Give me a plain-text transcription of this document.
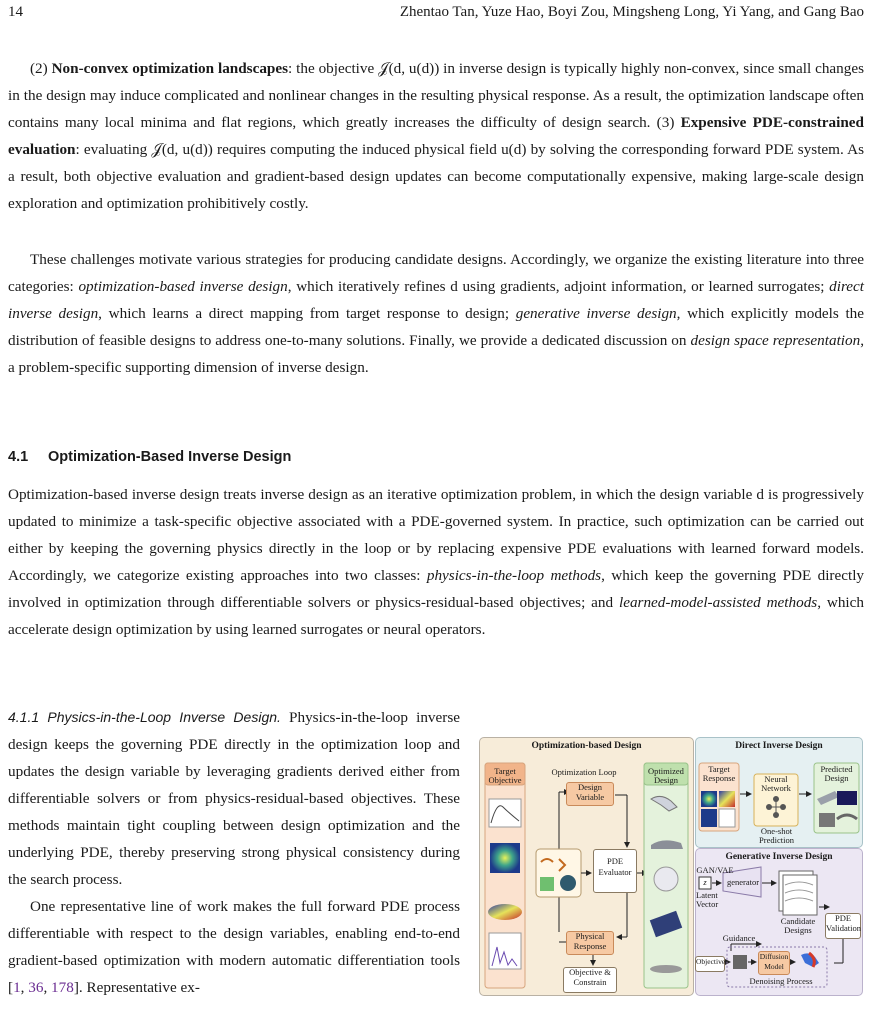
14	Zhentao Tan, Yuze Hao, Boyi Zou, Mingsheng Long, Yi Yang, and Gang Bao

(2) Non-convex optimization landscapes: the objective 𝒥(d, u(d)) in inverse design is typically highly non-convex, since small changes in the design may induce complicated and nonlinear changes in the resulting physical response. As a result, the optimization landscape often contains many local minima and flat regions, which greatly increases the difficulty of design search. (3) Expensive PDE-constrained evaluation: evaluating 𝒥(d, u(d)) requires computing the induced physical field u(d) by solving the corresponding forward PDE system. As a result, both objective evaluation and gradient-based design updates can become computationally expensive, making large-scale design exploration and optimization prohibitively costly.

These challenges motivate various strategies for producing candidate designs. Accordingly, we organize the existing literature into three categories: optimization-based inverse design, which iteratively refines d using gradients, adjoint information, or learned surrogates; direct inverse design, which learns a direct mapping from target response to design; generative inverse design, which explicitly models the distribution of feasible designs to address one-to-many solutions. Finally, we provide a dedicated discussion on design space representation, a problem-specific supporting dimension of inverse design.

4.1 Optimization-Based Inverse Design

Optimization-based inverse design treats inverse design as an iterative optimization problem, in which the design variable d is progressively updated to minimize a task-specific objective associated with a PDE-governed system. In practice, such optimization can be carried out either by keeping the governing physics directly in the loop or by replacing expensive PDE evaluations with learned forward models. Accordingly, we categorize existing approaches into two classes: physics-in-the-loop methods, which keep the governing PDE directly involved in optimization through differentiable solvers or physics-residual-based objectives; and learned-model-assisted methods, which accelerate design optimization by using learned surrogates or neural operators.

4.1.1 Physics-in-the-Loop Inverse Design. Physics-in-the-loop inverse design keeps the governing PDE directly in the optimization loop and updates the design variable by leveraging gradients derived either from differentiable solvers or from physics-residual-based objectives. These methods maintain tight coupling between design optimization and the underlying PDE, thereby preserving strong physical consistency during the search process.

One representative line of work makes the full forward PDE process differentiable with respect to the design variables, enabling end-to-end gradient-based optimization with modern automatic differentiation tools [1, 36, 178]. Representative ex-

Optimization-based Design	Direct Inverse Design
Generative Inverse Design
Target Objective
Optimization Loop
Design Variable
PDE Evaluator
Physical Response
Objective & Constrain
Optimized Design
Target Response	Neural Network
Predicted Design
One-shot Prediction
GAN/VAE
z
Latent Vector
generator
Candidate Designs
PDE Validation
Guidance
Objective
Diffusion Model
Denoising Process
